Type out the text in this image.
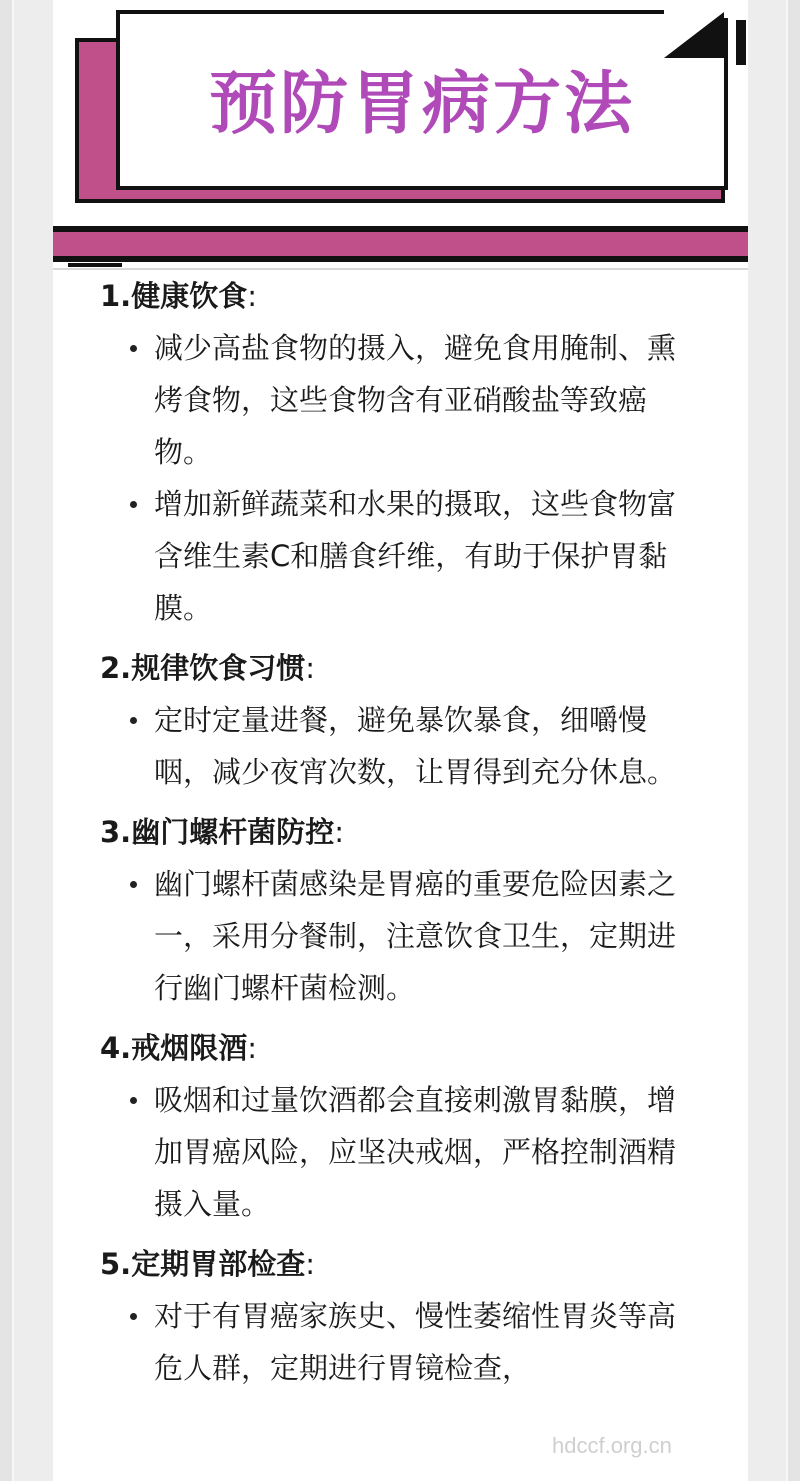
预防胃病方法
1.健康饮食:
减少高盐食物的摄入，避免食用腌制、熏烤食物，这些食物含有亚硝酸盐等致癌物。
增加新鲜蔬菜和水果的摄取，这些食物富含维生素C和膳食纤维，有助于保护胃黏膜。
2.规律饮食习惯:
定时定量进餐，避免暴饮暴食，细嚼慢咽，减少夜宵次数，让胃得到充分休息。
3.幽门螺杆菌防控:
幽门螺杆菌感染是胃癌的重要危险因素之一，采用分餐制，注意饮食卫生，定期进行幽门螺杆菌检测。
4.戒烟限酒:
吸烟和过量饮酒都会直接刺激胃黏膜，增加胃癌风险，应坚决戒烟，严格控制酒精摄入量。
5.定期胃部检查:
对于有胃癌家族史、慢性萎缩性胃炎等高危人群，定期进行胃镜检查，
hdccf.org.cn
